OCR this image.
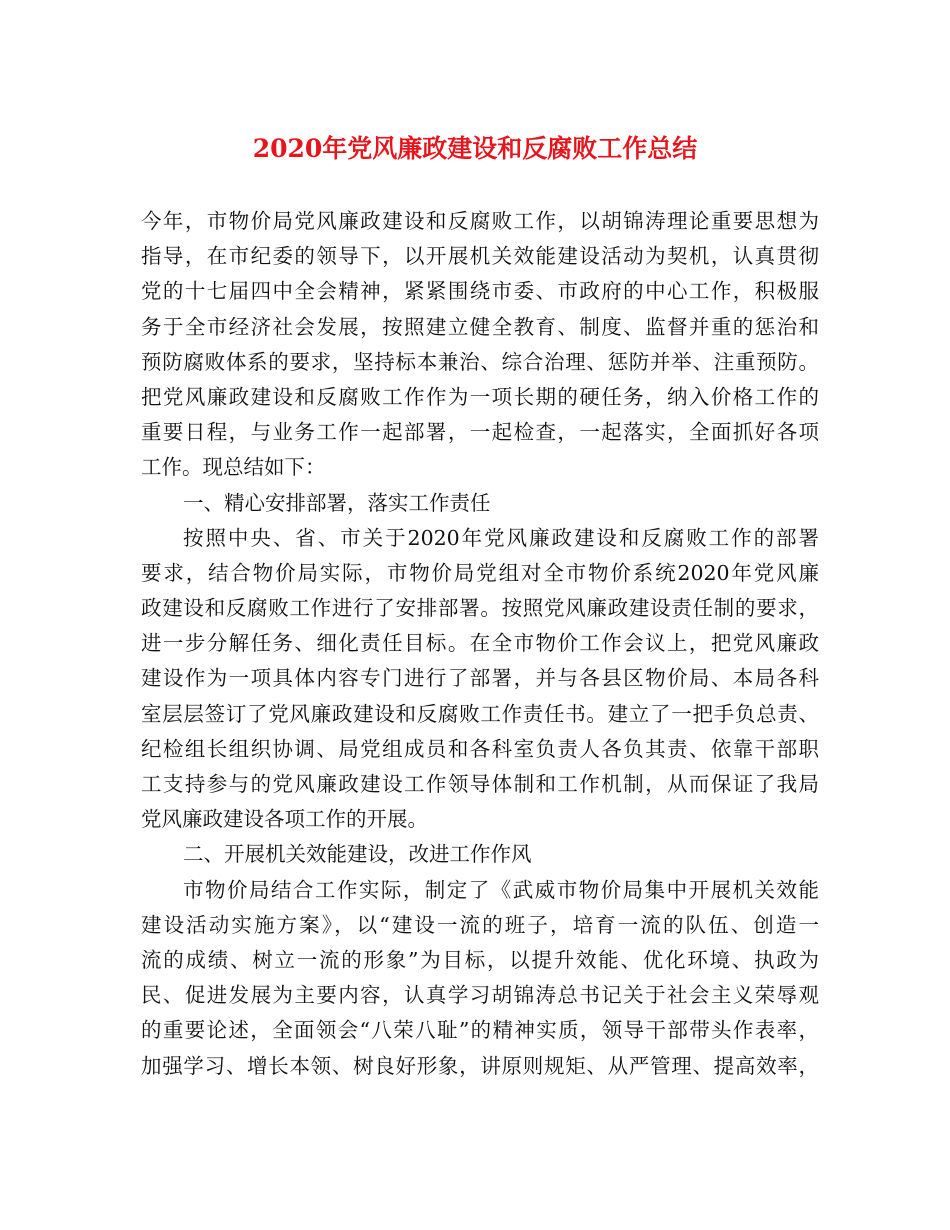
2020年党风廉政建设和反腐败工作总结
今年，市物价局党风廉政建设和反腐败工作，以胡锦涛理论重要思想为
指导，在市纪委的领导下，以开展机关效能建设活动为契机，认真贯彻
党的十七届四中全会精神，紧紧围绕市委、市政府的中心工作，积极服
务于全市经济社会发展，按照建立健全教育、制度、监督并重的惩治和
预防腐败体系的要求，坚持标本兼治、综合治理、惩防并举、注重预防。
把党风廉政建设和反腐败工作作为一项长期的硬任务，纳入价格工作的
重要日程，与业务工作一起部署，一起检查，一起落实，全面抓好各项
工作。现总结如下：
一、精心安排部署，落实工作责任
按照中央、省、市关于2020年党风廉政建设和反腐败工作的部署
要求，结合物价局实际，市物价局党组对全市物价系统2020年党风廉
政建设和反腐败工作进行了安排部署。按照党风廉政建设责任制的要求，
进一步分解任务、细化责任目标。在全市物价工作会议上，把党风廉政
建设作为一项具体内容专门进行了部署，并与各县区物价局、本局各科
室层层签订了党风廉政建设和反腐败工作责任书。建立了一把手负总责、
纪检组长组织协调、局党组成员和各科室负责人各负其责、依靠干部职
工支持参与的党风廉政建设工作领导体制和工作机制，从而保证了我局
党风廉政建设各项工作的开展。
二、开展机关效能建设，改进工作作风
市物价局结合工作实际，制定了《武威市物价局集中开展机关效能
建设活动实施方案》，以“建设一流的班子，培育一流的队伍、创造一
流的成绩、树立一流的形象”为目标，以提升效能、优化环境、执政为
民、促进发展为主要内容，认真学习胡锦涛总书记关于社会主义荣辱观
的重要论述，全面领会“八荣八耻”的精神实质，领导干部带头作表率，
加强学习、增长本领、树良好形象，讲原则规矩、从严管理、提高效率，
